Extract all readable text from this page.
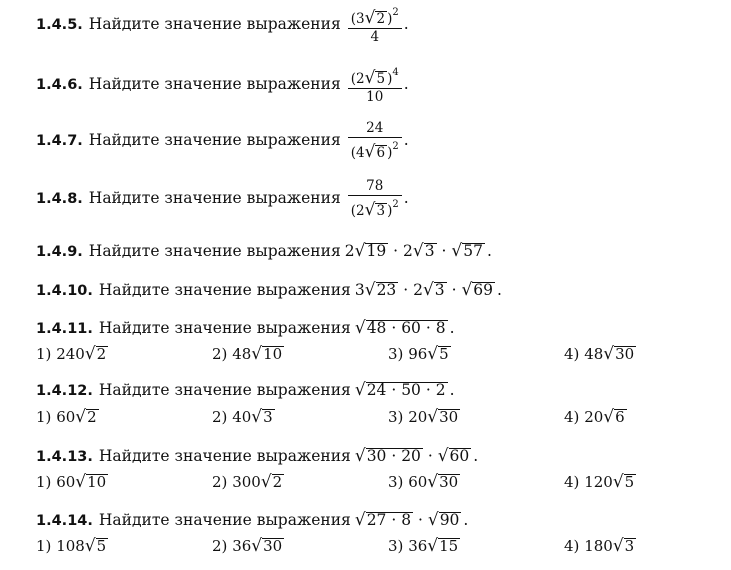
1.4.5. Найдите значение выражения $\frac{(3√2 )^2}{4}$ .
1.4.6. Найдите значение выражения $\frac{(2√5 )^4}{10}$ .
1.4.7. Найдите значение выражения $\frac{24}{(4√6 )^2}$ .
1.4.8. Найдите значение выражения $\frac{78}{(2√3 )^2}$ .
1.4.9. Найдите значение выражения 2√19 · 2√3 · √57 .
1.4.10. Найдите значение выражения 3√23 · 2√3 · √69 .
1.4.11. Найдите значение выражения √48 · 60 · 8 .
1) 240√2	2) 48√10	3) 96√5	4) 48√30
1.4.12. Найдите значение выражения √24 · 50 · 2 .
1) 60√2	2) 40√3	3) 20√30	4) 20√6
1.4.13. Найдите значение выражения √30 · 20 · √60 .
1) 60√10	2) 300√2	3) 60√30	4) 120√5
1.4.14. Найдите значение выражения √27 · 8 · √90 .
1) 108√5	2) 36√30	3) 36√15	4) 180√3
